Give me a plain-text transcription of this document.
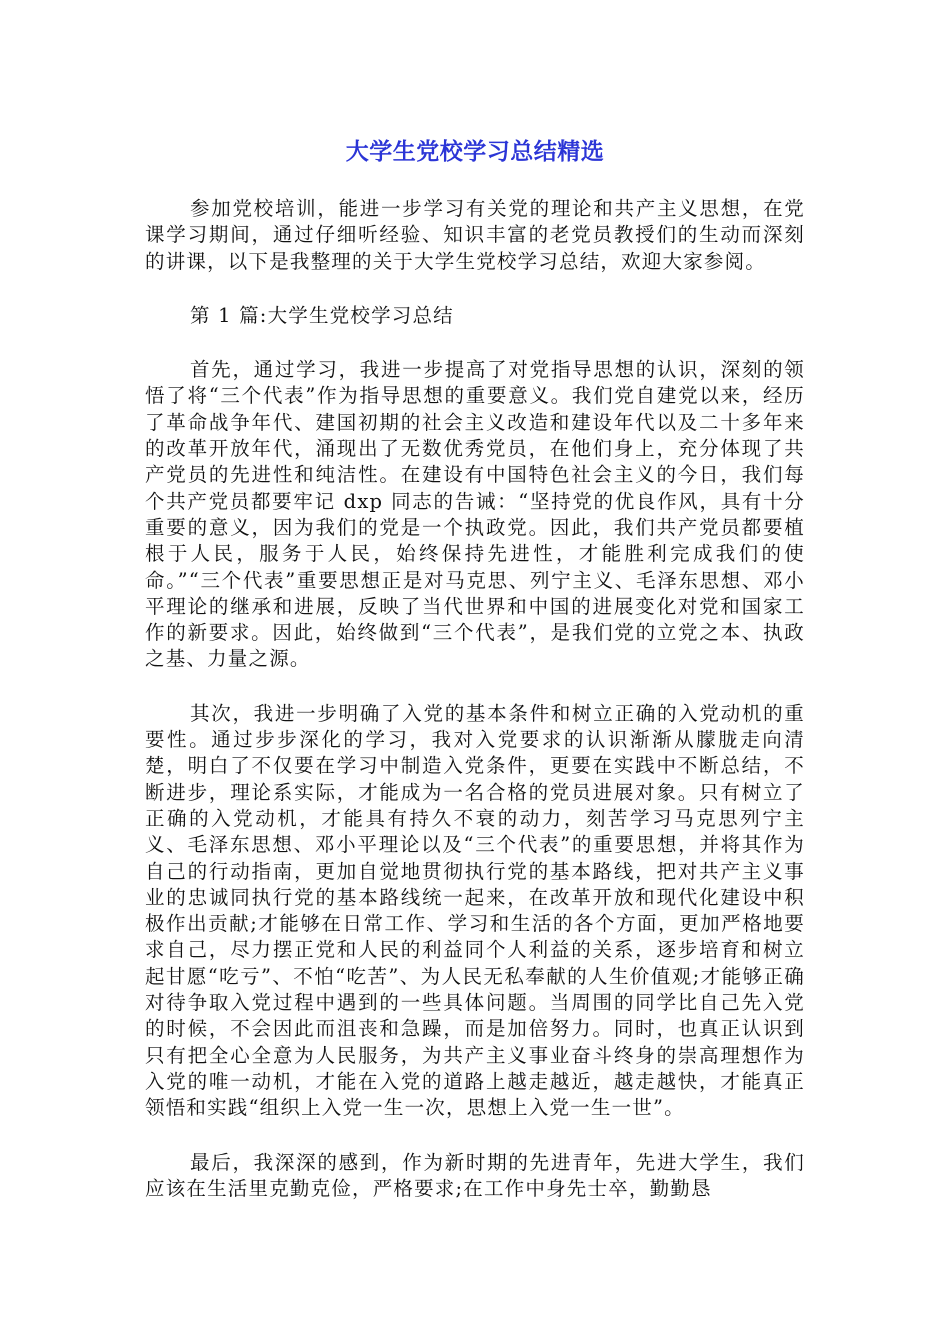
大学生党校学习总结精选

参加党校培训，能进一步学习有关党的理论和共产主义思想，在党课学习期间，通过仔细听经验、知识丰富的老党员教授们的生动而深刻的讲课，以下是我整理的关于大学生党校学习总结，欢迎大家参阅。

第 1 篇:大学生党校学习总结

首先，通过学习，我进一步提高了对党指导思想的认识，深刻的领悟了将“三个代表”作为指导思想的重要意义。我们党自建党以来，经历了革命战争年代、建国初期的社会主义改造和建设年代以及二十多年来的改革开放年代，涌现出了无数优秀党员，在他们身上，充分体现了共产党员的先进性和纯洁性。在建设有中国特色社会主义的今日，我们每个共产党员都要牢记 dxp 同志的告诫：“坚持党的优良作风，具有十分重要的意义，因为我们的党是一个执政党。因此，我们共产党员都要植根于人民，服务于人民，始终保持先进性，才能胜利完成我们的使命。”“三个代表”重要思想正是对马克思、列宁主义、毛泽东思想、邓小平理论的继承和进展，反映了当代世界和中国的进展变化对党和国家工作的新要求。因此，始终做到“三个代表”，是我们党的立党之本、执政之基、力量之源。

其次，我进一步明确了入党的基本条件和树立正确的入党动机的重要性。通过步步深化的学习，我对入党要求的认识渐渐从朦胧走向清楚，明白了不仅要在学习中制造入党条件，更要在实践中不断总结，不断进步，理论系实际，才能成为一名合格的党员进展对象。只有树立了正确的入党动机，才能具有持久不衰的动力，刻苦学习马克思列宁主义、毛泽东思想、邓小平理论以及“三个代表”的重要思想，并将其作为自己的行动指南，更加自觉地贯彻执行党的基本路线，把对共产主义事业的忠诚同执行党的基本路线统一起来，在改革开放和现代化建设中积极作出贡献;才能够在日常工作、学习和生活的各个方面，更加严格地要求自己，尽力摆正党和人民的利益同个人利益的关系，逐步培育和树立起甘愿“吃亏”、不怕“吃苦”、为人民无私奉献的人生价值观;才能够正确对待争取入党过程中遇到的一些具体问题。当周围的同学比自己先入党的时候，不会因此而沮丧和急躁，而是加倍努力。同时，也真正认识到只有把全心全意为人民服务，为共产主义事业奋斗终身的崇高理想作为入党的唯一动机，才能在入党的道路上越走越近，越走越快，才能真正领悟和实践“组织上入党一生一次，思想上入党一生一世”。

最后，我深深的感到，作为新时期的先进青年，先进大学生，我们应该在生活里克勤克俭，严格要求;在工作中身先士卒，勤勤恳
